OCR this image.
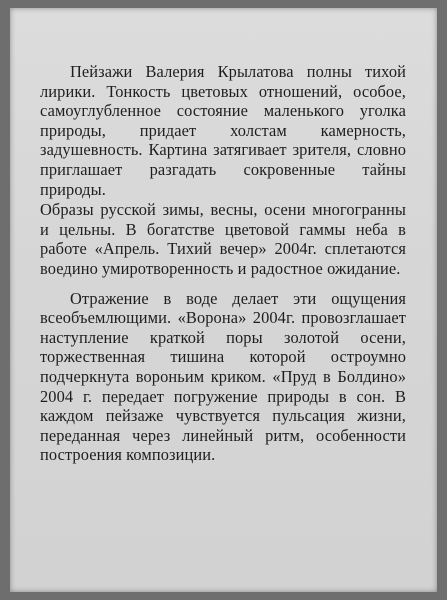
Пейзажи Валерия Крылатова полны тихой лирики. Тонкость цветовых отношений, особое, самоуглубленное состояние маленького уголка природы, придает холстам камерность, задушевность. Картина затягивает зрителя, словно приглашает разгадать сокровенные тайны природы.

Образы русской зимы, весны, осени многогранны и цельны. В богатстве цветовой гаммы неба в работе «Апрель. Тихий вечер» 2004г. сплетаются воедино умиротворенность и радостное ожидание.

Отражение в воде делает эти ощущения всеобъемлющими. «Ворона» 2004г. провозглашает наступление краткой поры золотой осени, торжественная тишина которой остроумно подчеркнута вороньим криком. «Пруд в Болдино» 2004 г. передает погружение природы в сон. В каждом пейзаже чувствуется пульсация жизни, переданная через линейный ритм, особенности построения композиции.
